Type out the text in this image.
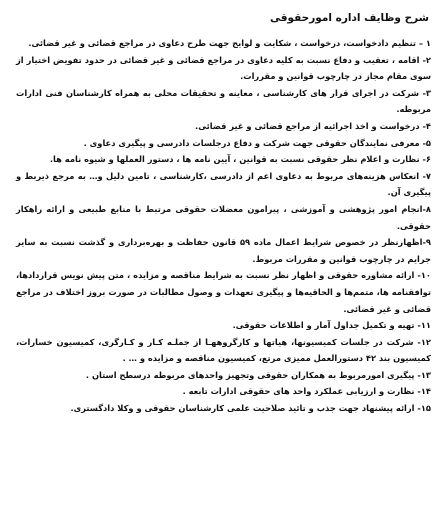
شرح وظایف اداره امورحقوقی
۱ – تنظیم دادخواست، درخواست ، شکایت و لوایح جهت طرح دعاوی در مراجع قضائی و غیر قضائی.
۲- اقامه ، تعقیب و دفاع نسبت به کلیه دعاوی در مراجع قضائی و غیر قضائی در حدود تفویض اختیار از سوی مقام مجاز در چارچوب قوانین و مقررات.
۳- شرکت در اجرای قرار های کارشناسی ، معاینه و تحقیقات محلی به همراه کارشناسان فنی ادارات مربوطه.
۴- درخواست و اخذ اجرائیه از مراجع قضائی و غیر قضائی.
۵- معرفی نمایندگان حقوقی جهت شرکت و دفاع درجلسات دادرسی و پیگیری دعاوی .
۶- نظارت و اعلام نظر حقوقی نسبت به قوانین ، آیین نامه ها ، دستور العملها و شیوه نامه ها.
۷- انعکاس هزینه‌های مربوط به دعاوی اعم از دادرسی ،کارشناسی ، تامین دلیل و… به مرجع ذیربط و پیگیری آن.
۸-انجام امور پژوهشی و آموزشی ، پیرامون معضلات حقوقی مرتبط با منابع طبیعی و ارائه راهکار حقوقی.
۹-اظهارنظر در خصوص شرایط اعمال ماده ۵۹ قانون حفاظت و بهره‌برداری و گذشت نسبت به سایر جرایم در چارچوب قوانین و مقررات مربوط.
۱۰- ارائه مشاوره حقوقی و اظهار نظر نسبت به شرایط مناقصه و مزایده ، متن پیش نویس قراردادها، توافقنامه ها، متمم‌ها و الحاقیه‌ها و پیگیری تعهدات و وصول مطالبات در صورت بروز اختلاف در مراجع قضائی و غیر قضائی.
۱۱- تهیه و تکمیل جداول آمار و اطلاعات حقوقی.
۱۲- شرکت در جلسات کمیسیونها، هیاتها و کارگروههـا از جملـه کـار و کـارگری، کمیسیون خسارات، کمیسیون بند ۴۲ دستورالعمل ممیزی مرتع، کمیسیون مناقصه و مزایده و … .
۱۳- پیگیری امورمربوط به همکاران حقوقی وتجهیز واحدهای مربوطه درسطح استان .
۱۴- نظارت و ارزیابی عملکرد واحد های حقوقی ادارات تابعه .
۱۵- ارائه پیشنهاد جهت جذب و تائید صلاحیت علمی کارشناسان حقوقی و وکلا دادگستری.
